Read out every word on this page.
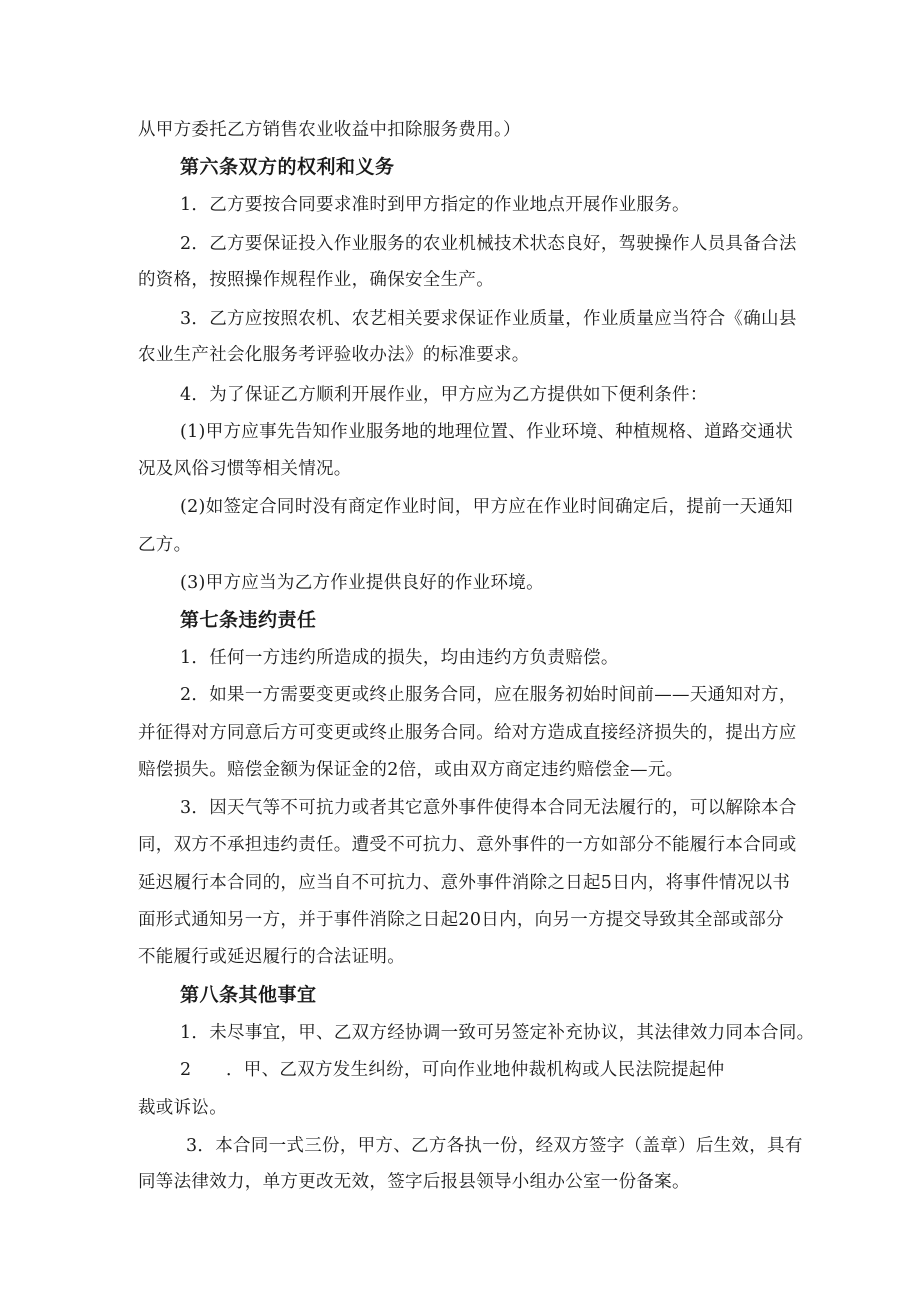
从甲方委托乙方销售农业收益中扣除服务费用。）
第六条双方的权利和义务
1．乙方要按合同要求准时到甲方指定的作业地点开展作业服务。
2．乙方要保证投入作业服务的农业机械技术状态良好，驾驶操作人员具备合法
的资格，按照操作规程作业，确保安全生产。
3．乙方应按照农机、农艺相关要求保证作业质量，作业质量应当符合《确山县
农业生产社会化服务考评验收办法》的标准要求。
4．为了保证乙方顺利开展作业，甲方应为乙方提供如下便利条件：
(1)甲方应事先告知作业服务地的地理位置、作业环境、种植规格、道路交通状
况及风俗习惯等相关情况。
(2)如签定合同时没有商定作业时间，甲方应在作业时间确定后，提前一天通知
乙方。
(3)甲方应当为乙方作业提供良好的作业环境。
第七条违约责任
1．任何一方违约所造成的损失，均由违约方负责赔偿。
2．如果一方需要变更或终止服务合同，应在服务初始时间前——天通知对方，
并征得对方同意后方可变更或终止服务合同。给对方造成直接经济损失的，提出方应
赔偿损失。赔偿金额为保证金的2倍，或由双方商定违约赔偿金—元。
3．因天气等不可抗力或者其它意外事件使得本合同无法履行的，可以解除本合
同，双方不承担违约责任。遭受不可抗力、意外事件的一方如部分不能履行本合同或
延迟履行本合同的，应当自不可抗力、意外事件消除之日起5日内，将事件情况以书
面形式通知另一方，并于事件消除之日起20日内，向另一方提交导致其全部或部分
不能履行或延迟履行的合法证明。
第八条其他事宜
1．未尽事宜，甲、乙双方经协调一致可另签定补充协议，其法律效力同本合同。
2 ．甲、乙双方发生纠纷，可向作业地仲裁机构或人民法院提起仲
裁或诉讼。
3．本合同一式三份，甲方、乙方各执一份，经双方签字（盖章）后生效，具有
同等法律效力，单方更改无效，签字后报县领导小组办公室一份备案。
